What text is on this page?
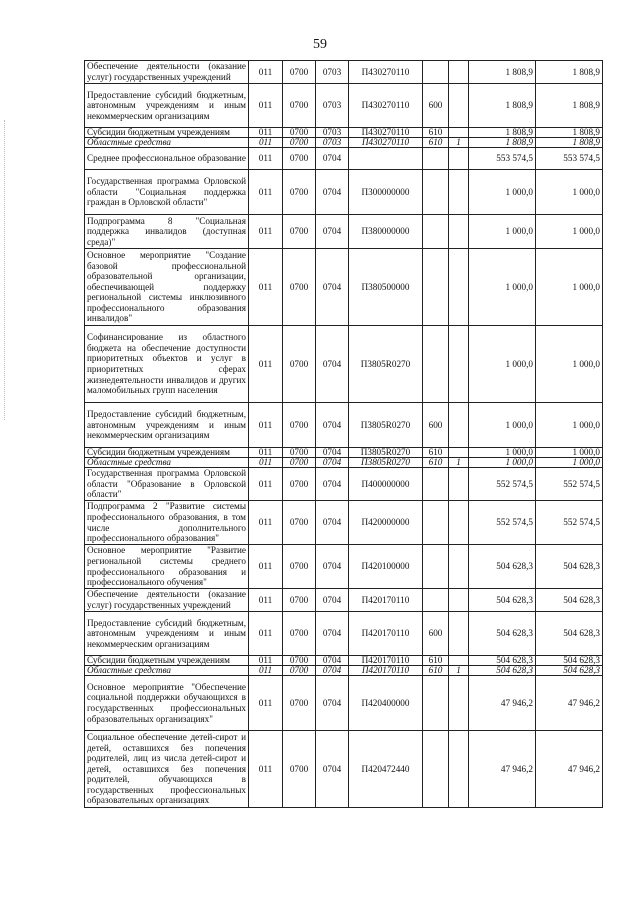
59
Обеспечение деятельности (оказание услуг) государственных учреждений	011	0700	0703	П430270110			1 808,9	1 808,9
Предоставление субсидий бюджетным, автономным учреждениям и иным некоммерческим организациям	011	0700	0703	П430270110	600		1 808,9	1 808,9
Субсидии бюджетным учреждениям	011	0700	0703	П430270110	610		1 808,9	1 808,9
Областные средства	011	0700	0703	П430270110	610	1	1 808,9	1 808,9
Среднее профессиональное образование	011	0700	0704				553 574,5	553 574,5
Государственная программа Орловской области "Социальная поддержка граждан в Орловской области"	011	0700	0704	П300000000			1 000,0	1 000,0
Подпрограмма 8 "Социальная поддержка инвалидов (доступная среда)"	011	0700	0704	П380000000			1 000,0	1 000,0
Основное мероприятие "Создание базовой профессиональной образовательной организации, обеспечивающей поддержку региональной системы инклюзивного профессионального образования инвалидов"	011	0700	0704	П380500000			1 000,0	1 000,0
Софинансирование из областного бюджета на обеспечение доступности приоритетных объектов и услуг в приоритетных сферах жизнедеятельности инвалидов и других маломобильных групп населения	011	0700	0704	П3805R0270			1 000,0	1 000,0
Предоставление субсидий бюджетным, автономным учреждениям и иным некоммерческим организациям	011	0700	0704	П3805R0270	600		1 000,0	1 000,0
Субсидии бюджетным учреждениям	011	0700	0704	П3805R0270	610		1 000,0	1 000,0
Областные средства	011	0700	0704	П3805R0270	610	1	1 000,0	1 000,0
Государственная программа Орловской области "Образование в Орловской области"	011	0700	0704	П400000000			552 574,5	552 574,5
Подпрограмма 2 "Развитие системы профессионального образования, в том числе дополнительного профессионального образования"	011	0700	0704	П420000000			552 574,5	552 574,5
Основное мероприятие "Развитие региональной системы среднего профессионального образования и профессионального обучения"	011	0700	0704	П420100000			504 628,3	504 628,3
Обеспечение деятельности (оказание услуг) государственных учреждений	011	0700	0704	П420170110			504 628,3	504 628,3
Предоставление субсидий бюджетным, автономным учреждениям и иным некоммерческим организациям	011	0700	0704	П420170110	600		504 628,3	504 628,3
Субсидии бюджетным учреждениям	011	0700	0704	П420170110	610		504 628,3	504 628,3
Областные средства	011	0700	0704	П420170110	610	1	504 628,3	504 628,3
Основное мероприятие "Обеспечение социальной поддержки обучающихся в государственных профессиональных образовательных организациях"	011	0700	0704	П420400000			47 946,2	47 946,2
Социальное обеспечение детей-сирот и детей, оставшихся без попечения родителей, лиц из числа детей-сирот и детей, оставшихся без попечения родителей, обучающихся в государственных профессиональных образовательных организациях	011	0700	0704	П420472440			47 946,2	47 946,2
